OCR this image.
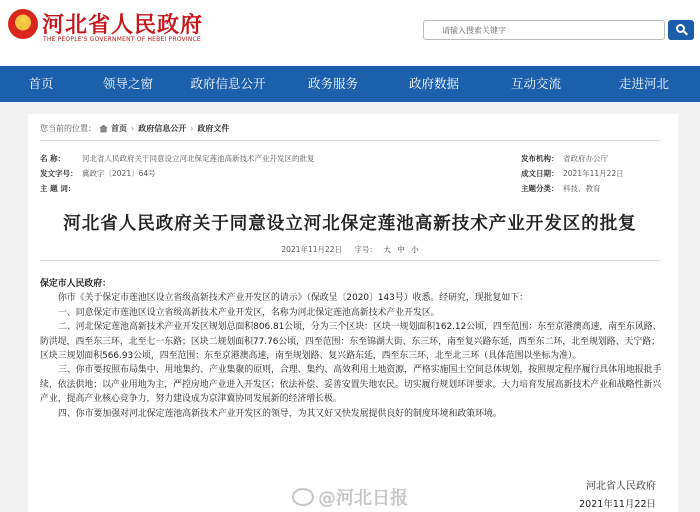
★
河北省人民政府
THE PEOPLE'S GOVERNMENT OF HEBEI PROVINCE
请输入搜索关键字
首页	领导之窗	政府信息公开	政务服务	政府数据	互动交流	走进河北
您当前的位置： 首页 › 政府信息公开 › 政府文件
名 称： 河北省人民政府关于同意设立河北保定莲池高新技术产业开发区的批复
发文字号： 冀政字〔2021〕64号
主 题 词：
发布机构： 省政府办公厅
成文日期： 2021年11月22日
主题分类： 科技、教育
河北省人民政府关于同意设立河北保定莲池高新技术产业开发区的批复
2021年11月22日 字号： 大 中 小

保定市人民政府：

你市《关于保定市莲池区设立省级高新技术产业开发区的请示》（保政呈〔2020〕143号）收悉。经研究，现批复如下：

一、同意保定市莲池区设立省级高新技术产业开发区，名称为河北保定莲池高新技术产业开发区。

二、河北保定莲池高新技术产业开发区规划总面积806.81公顷，分为三个区块：区块一规划面积162.12公顷，四至范围：东至京港澳高速，南至东风路、防洪堤，西至东三环，北至七一东路；区块二规划面积77.76公顷，四至范围：东至锦湖大街、东三环，南至复兴路东延，西至东二环，北至规划路、天宁路；区块三规划面积566.93公顷，四至范围：东至京港澳高速，南至规划路、复兴路东延，西至东三环，北至北三环（具体范围以坐标为准）。

三、你市要按照布局集中、用地集约、产业集聚的原则，合理、集约、高效利用土地资源，严格实施国土空间总体规划，按照规定程序履行具体用地报批手续，依法供地；以产业用地为主，严控房地产业进入开发区；依法补偿、妥善安置失地农民。切实履行规划环评要求。大力培育发展高新技术产业和战略性新兴产业，提高产业核心竞争力，努力建设成为京津冀协同发展新的经济增长极。

四、你市要加强对河北保定莲池高新技术产业开发区的领导，为其又好又快发展提供良好的制度环境和政策环境。

@河北日报
河北省人民政府
2021年11月22日
